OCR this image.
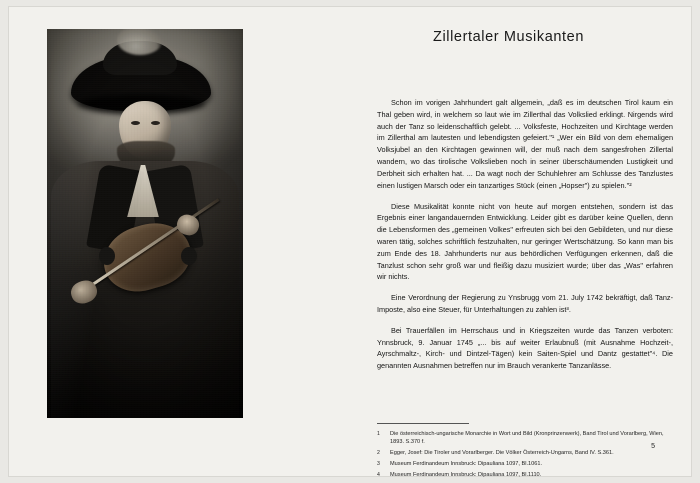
Zillertaler Musikanten

Schon im vorigen Jahrhundert galt allgemein, „daß es im deutschen Tirol kaum ein Thal geben wird, in welchem so laut wie im Zillerthal das Volkslied erklingt. Nirgends wird auch der Tanz so leidenschaftlich gelebt. ... Volksfeste, Hochzeiten und Kirchtage werden im Zillerthal am lautesten und lebendigsten gefeiert."¹ „Wer ein Bild von dem ehemaligen Volksjubel an den Kirchtagen gewinnen will, der muß nach dem sangesfrohen Zillertal wandern, wo das tirolische Volkslieben noch in seiner überschäumenden Lustigkeit und Derbheit sich erhalten hat. ... Da wagt noch der Schuhlehrer am Schlusse des Tanzlustes einen lustigen Marsch oder ein tanzartiges Stück (einen „Hopser") zu spielen."²

Diese Musikalität konnte nicht von heute auf morgen entstehen, sondern ist das Ergebnis einer langandauernden Entwicklung. Leider gibt es darüber keine Quellen, denn die Lebensformen des „gemeinen Volkes" erfreuten sich bei den Gebildeten, und nur diese waren tätig, solches schriftlich festzuhalten, nur geringer Wertschätzung. So kann man bis zum Ende des 18. Jahrhunderts nur aus behördlichen Verfügungen erkennen, daß die Tanzlust schon sehr groß war und fleißig dazu musiziert wurde; über das „Was" erfahren wir nichts.

Eine Verordnung der Regierung zu Ynsbrugg vom 21. July 1742 bekräftigt, daß Tanz-Imposte, also eine Steuer, für Unterhaltungen zu zahlen ist³.

Bei Trauerfällen im Herrschaus und in Kriegszeiten wurde das Tanzen verboten: Ynnsbruck, 9. Januar 1745 „... bis auf weiter Erlaubnuß (mit Ausnahme Hochzeit-, Ayrschmaltz-, Kirch- und Dintzel-Tägen) kein Saiten-Spiel und Dantz gestattet"⁴. Die genannten Ausnahmen betreffen nur im Brauch verankerte Tanzanlässe.

1	Die österreichisch-ungarische Monarchie in Wort und Bild (Kronprinzenwerk), Band Tirol und Vorarlberg, Wien, 1893. S.370 f.
2	Egger, Josef: Die Tiroler und Vorarlberger. Die Völker Österreich-Ungarns, Band IV. S.361.
3	Museum Ferdinandeum Innsbruck: Dipauliana 1097, Bl.1061.
4	Museum Ferdinandeum Innsbruck: Dipauliana 1097, Bl.1110.
5
